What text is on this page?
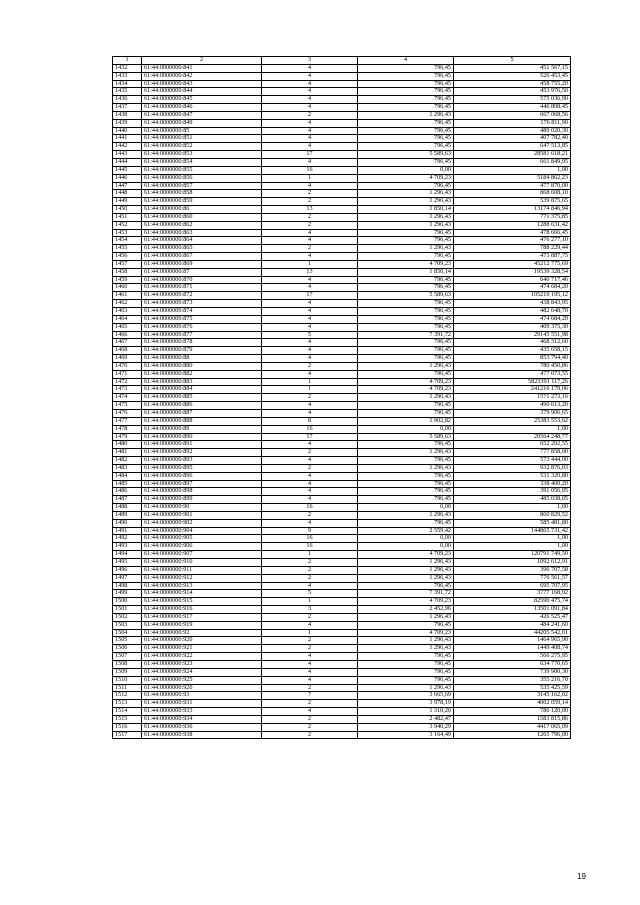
1	2	3	4	5
1432	61:44:0000000:841	4	796,45	451 567,15
1433	61:44:0000000:842	4	796,45	526 453,45
1434	61:44:0000000:843	4	796,45	458 755,20
1435	61:44:0000000:844	4	796,45	453 976,50
1436	61:44:0000000:845	4	796,45	575 036,90
1437	61:44:0000000:846	4	796,45	446 808,45
1438	61:44:0000000:847	2	1 296,43	667 068,56
1439	61:44:0000000:849	4	796,45	176 811,90
1440	61:44:0000000:85	4	796,45	489 020,30
1441	61:44:0000000:851	4	796,45	407 782,40
1442	61:44:0000000:852	4	796,45	647 513,85
1443	61:44:0000000:853	17	5 589,63	28581 618,21
1444	61:44:0000000:854	4	796,45	661 849,95
1445	61:44:0000000:855	16	0,00	1,00
1446	61:44:0000000:856	1	4 709,23	5184 862,23
1447	61:44:0000000:857	4	796,45	477 870,00
1448	61:44:0000000:858	2	1 296,43	868 608,10
1449	61:44:0000000:859	2	1 296,43	539 875,65
1450	61:44:0000000:86	13	1 850,14	13174 846,94
1451	61:44:0000000:860	2	1 296,43	771 375,85
1452	61:44:0000000:862	2	1 296,43	1288 631,42
1453	61:44:0000000:863	4	796,45	478 666,45
1454	61:44:0000000:864	4	796,45	476 277,10
1455	61:44:0000000:865	2	1 296,43	788 229,44
1456	61:44:0000000:867	4	796,45	473 887,75
1457	61:44:0000000:869	1	4 709,23	45212 775,69
1458	61:44:0000000:87	13	1 850,14	19539 328,54
1459	61:44:0000000:870	4	796,45	640 717,46
1460	61:44:0000000:871	4	796,45	474 684,20
1461	61:44:0000000:872	17	5 589,63	105219 195,12
1462	61:44:0000000:873	4	796,45	438 843,95
1463	61:44:0000000:874	4	796,45	482 648,70
1464	61:44:0000000:875	4	796,45	474 684,20
1465	61:44:0000000:876	4	796,45	409 375,30
1466	61:44:0000000:877	5	7 391,72	29145 551,98
1467	61:44:0000000:878	4	796,45	468 312,60
1468	61:44:0000000:879	4	796,45	435 658,15
1469	61:44:0000000:88	4	796,45	853 794,40
1470	61:44:0000000:880	2	1 296,43	780 450,86
1471	61:44:0000000:882	4	796,45	477 073,55
1472	61:44:0000000:883	1	4 709,23	5823391 117,26
1473	61:44:0000000:884	1	4 709,23	241216 179,06
1474	61:44:0000000:885	2	1 296,43	1571 273,16
1475	61:44:0000000:886	4	796,45	490 613,20
1476	61:44:0000000:887	4	796,45	379 906,65
1477	61:44:0000000:888	8	1 902,82	25383 553,62
1478	61:44:0000000:89	16	0,00	1,00
1479	61:44:0000000:890	17	5 589,63	20564 248,77
1480	61:44:0000000:891	4	796,45	652 292,55
1481	61:44:0000000:892	2	1 296,43	777 858,00
1482	61:44:0000000:893	4	796,45	573 444,00
1483	61:44:0000000:895	2	1 296,43	932 876,03
1484	61:44:0000000:896	4	796,45	531 320,80
1485	61:44:0000000:897	4	796,45	338 400,20
1486	61:44:0000000:898	4	796,45	391 056,95
1487	61:44:0000000:899	4	796,45	485 038,05
1488	61:44:0000000:90	16	0,00	1,00
1489	61:44:0000000:901	2	1 296,43	860 829,52
1490	61:44:0000000:902	4	796,45	585 481,80
1491	61:44:0000000:904	9	2 559,42	144865 731,42
1492	61:44:0000000:905	16	0,00	1,00
1493	61:44:0000000:906	16	0,00	1,00
1494	61:44:0000000:907	1	4 709,23	120791 749,50
1495	61:44:0000000:910	2	1 296,43	1092 612,91
1496	61:44:0000000:911	2	1 296,43	396 707,58
1497	61:44:0000000:912	2	1 296,43	776 561,57
1498	61:44:0000000:913	4	796,45	695 707,95
1499	61:44:0000000:914	5	7 391,72	3777 168,92
1500	61:44:0000000:915	1	4 709,23	82590 475,74
1501	61:44:0000000:916	3	2 452,96	13501 091,84
1502	61:44:0000000:917	2	1 296,43	426 525,47
1503	61:44:0000000:919	4	796,45	484 241,60
1504	61:44:0000000:92	1	4 709,23	44205 542,01
1505	61:44:0000000:920	2	1 296,43	1464 965,90
1506	61:44:0000000:921	2	1 296,43	1449 408,74
1507	61:44:0000000:922	4	796,45	566 275,95
1508	61:44:0000000:923	4	796,45	634 770,65
1509	61:44:0000000:924	4	796,45	739 900,30
1510	61:44:0000000:925	4	796,45	355 216,70
1511	61:44:0000000:926	2	1 296,43	535 425,59
1512	61:44:0000000:93	7	3 665,69	3145 162,02
1513	61:44:0000000:931	2	3 978,19	4002 059,14
1514	61:44:0000000:933	4	1 310,20	786 120,00
1515	61:44:0000000:934	2	2 482,47	1583 815,86
1516	61:44:0000000:936	2	3 940,29	4417 065,09
1517	61:44:0000000:938	2	3 164,49	1265 796,00
19
